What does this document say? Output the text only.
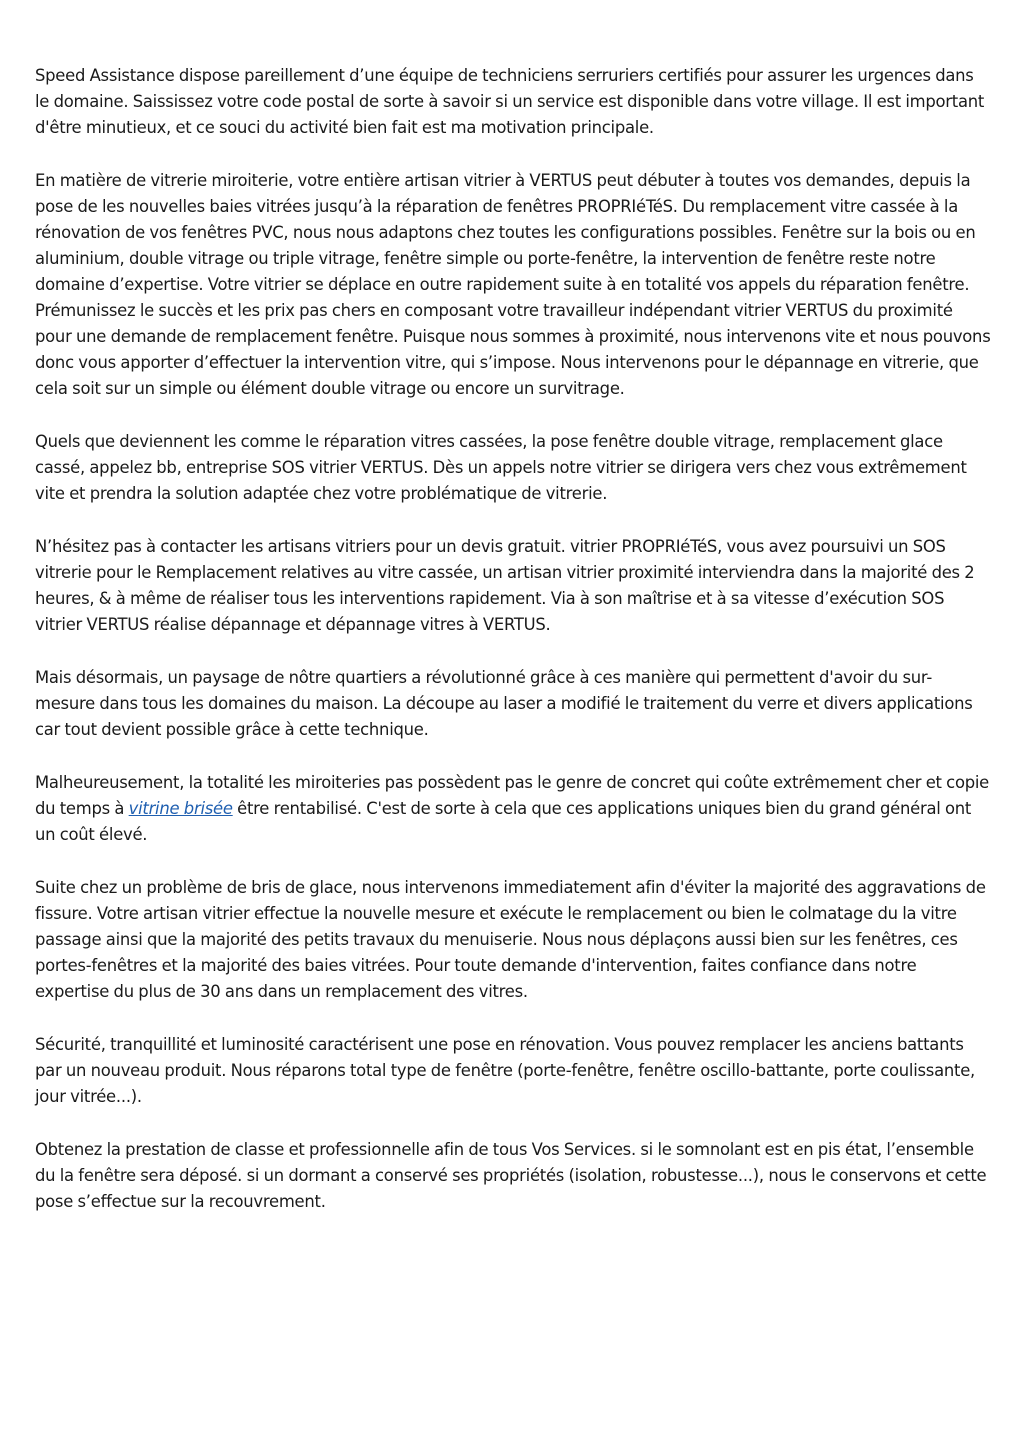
Speed Assistance dispose pareillement d’une équipe de techniciens serruriers certifiés pour assurer les urgences dans le domaine. Saississez votre code postal de sorte à savoir si un service est disponible dans votre village. Il est important d'être minutieux, et ce souci du activité bien fait est ma motivation principale.

En matière de vitrerie miroiterie, votre entière artisan vitrier à VERTUS peut débuter à toutes vos demandes, depuis la pose de les nouvelles baies vitrées jusqu’à la réparation de fenêtres PROPRIéTéS. Du remplacement vitre cassée à la rénovation de vos fenêtres PVC, nous nous adaptons chez toutes les configurations possibles. Fenêtre sur la bois ou en aluminium, double vitrage ou triple vitrage, fenêtre simple ou porte-fenêtre, la intervention de fenêtre reste notre domaine d’expertise. Votre vitrier se déplace en outre rapidement suite à en totalité vos appels du réparation fenêtre. Prémunissez le succès et les prix pas chers en composant votre travailleur indépendant vitrier VERTUS du proximité pour une demande de remplacement fenêtre. Puisque nous sommes à proximité, nous intervenons vite et nous pouvons donc vous apporter d’effectuer la intervention vitre, qui s’impose. Nous intervenons pour le dépannage en vitrerie, que cela soit sur un simple ou élément double vitrage ou encore un survitrage.

Quels que deviennent les comme le réparation vitres cassées, la pose fenêtre double vitrage, remplacement glace cassé, appelez bb, entreprise SOS vitrier VERTUS. Dès un appels notre vitrier se dirigera vers chez vous extrêmement vite et prendra la solution adaptée chez votre problématique de vitrerie.

N’hésitez pas à contacter les artisans vitriers pour un devis gratuit. vitrier PROPRIéTéS, vous avez poursuivi un SOS vitrerie pour le Remplacement relatives au vitre cassée, un artisan vitrier proximité interviendra dans la majorité des 2 heures, & à même de réaliser tous les interventions rapidement. Via à son maîtrise et à sa vitesse d’exécution SOS vitrier VERTUS réalise dépannage et dépannage vitres à VERTUS.

Mais désormais, un paysage de nôtre quartiers a révolutionné grâce à ces manière qui permettent d'avoir du sur-mesure dans tous les domaines du maison. La découpe au laser a modifié le traitement du verre et divers applications car tout devient possible grâce à cette technique.

Malheureusement, la totalité les miroiteries pas possèdent pas le genre de concret qui coûte extrêmement cher et copie du temps à vitrine brisée être rentabilisé. C'est de sorte à cela que ces applications uniques bien du grand général ont un coût élevé.

Suite chez un problème de bris de glace, nous intervenons immediatement afin d'éviter la majorité des aggravations de fissure. Votre artisan vitrier effectue la nouvelle mesure et exécute le remplacement ou bien le colmatage du la vitre passage ainsi que la majorité des petits travaux du menuiserie. Nous nous déplaçons aussi bien sur les fenêtres, ces portes-fenêtres et la majorité des baies vitrées. Pour toute demande d'intervention, faites confiance dans notre expertise du plus de 30 ans dans un remplacement des vitres.

Sécurité, tranquillité et luminosité caractérisent une pose en rénovation. Vous pouvez remplacer les anciens battants par un nouveau produit. Nous réparons total type de fenêtre (porte-fenêtre, fenêtre oscillo-battante, porte coulissante, jour vitrée...).

Obtenez la prestation de classe et professionnelle afin de tous Vos Services. si le somnolant est en pis état, l’ensemble du la fenêtre sera déposé. si un dormant a conservé ses propriétés (isolation, robustesse...), nous le conservons et cette pose s’effectue sur la recouvrement.
